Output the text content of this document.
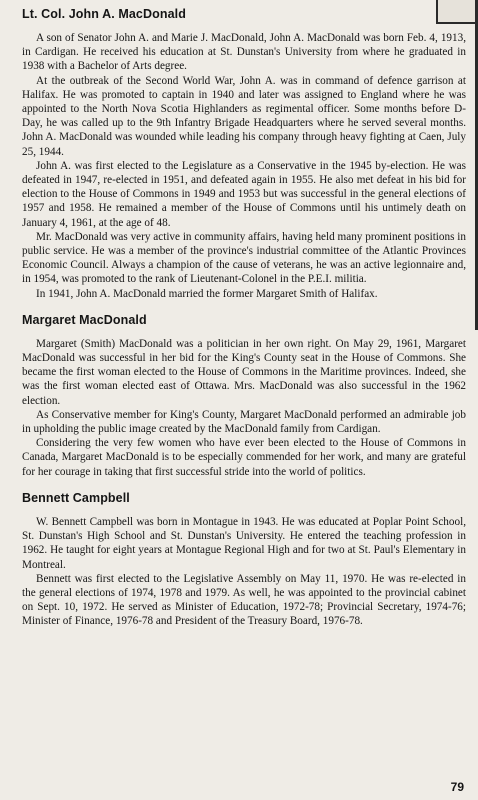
Lt. Col. John A. MacDonald

A son of Senator John A. and Marie J. MacDonald, John A. MacDonald was born Feb. 4, 1913, in Cardigan. He received his education at St. Dunstan's University from where he graduated in 1938 with a Bachelor of Arts degree.

At the outbreak of the Second World War, John A. was in command of defence garrison at Halifax. He was promoted to captain in 1940 and later was assigned to England where he was appointed to the North Nova Scotia Highlanders as regimental officer. Some months before D-Day, he was called up to the 9th Infantry Brigade Headquarters where he served several months. John A. MacDonald was wounded while leading his company through heavy fighting at Caen, July 25, 1944.

John A. was first elected to the Legislature as a Conservative in the 1945 by-election. He was defeated in 1947, re-elected in 1951, and defeated again in 1955. He also met defeat in his bid for election to the House of Commons in 1949 and 1953 but was successful in the general elections of 1957 and 1958. He remained a member of the House of Commons until his untimely death on January 4, 1961, at the age of 48.

Mr. MacDonald was very active in community affairs, having held many prominent positions in public service. He was a member of the province's industrial committee of the Atlantic Provinces Economic Council. Always a champion of the cause of veterans, he was an active legionnaire and, in 1954, was promoted to the rank of Lieutenant-Colonel in the P.E.I. militia.

In 1941, John A. MacDonald married the former Margaret Smith of Halifax.

Margaret MacDonald

Margaret (Smith) MacDonald was a politician in her own right. On May 29, 1961, Margaret MacDonald was successful in her bid for the King's County seat in the House of Commons. She became the first woman elected to the House of Commons in the Maritime provinces. Indeed, she was the first woman elected east of Ottawa. Mrs. MacDonald was also successful in the 1962 election.

As Conservative member for King's County, Margaret MacDonald performed an admirable job in upholding the public image created by the MacDonald family from Cardigan.

Considering the very few women who have ever been elected to the House of Commons in Canada, Margaret MacDonald is to be especially commended for her work, and many are grateful for her courage in taking that first successful stride into the world of politics.

Bennett Campbell

W. Bennett Campbell was born in Montague in 1943. He was educated at Poplar Point School, St. Dunstan's High School and St. Dunstan's University. He entered the teaching profession in 1962. He taught for eight years at Montague Regional High and for two at St. Paul's Elementary in Montreal.

Bennett was first elected to the Legislative Assembly on May 11, 1970. He was re-elected in the general elections of 1974, 1978 and 1979. As well, he was appointed to the provincial cabinet on Sept. 10, 1972. He served as Minister of Education, 1972-78; Provincial Secretary, 1974-76; Minister of Finance, 1976-78 and President of the Treasury Board, 1976-78.

79
